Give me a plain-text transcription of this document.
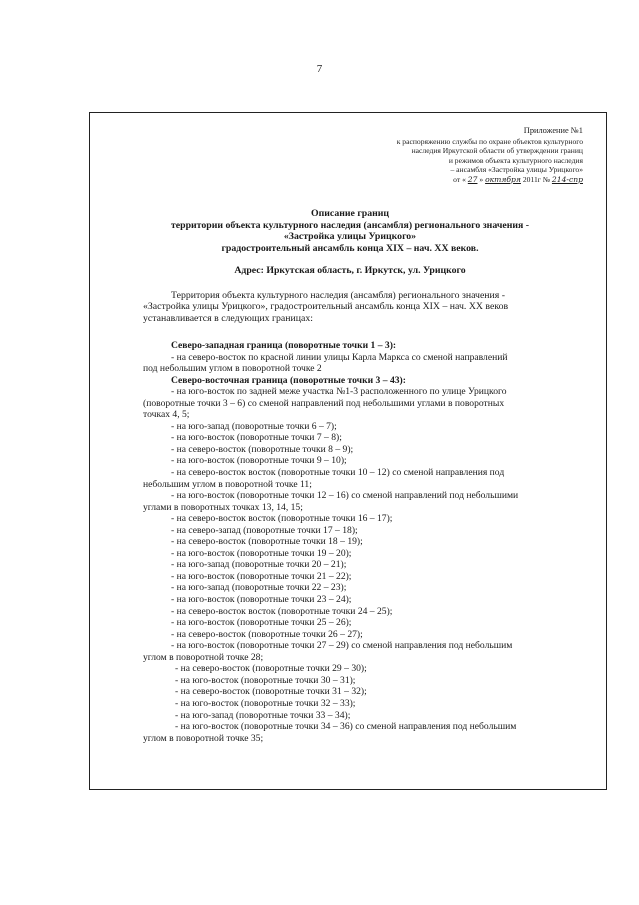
7
Приложение №1
к распоряжению службы по охране объектов культурного
наследия Иркутской области об утверждении границ
и режимов объекта культурного наследия
– ансамбля «Застройка улицы Урицкого»
от « 27 » октября 2011г № 214-спр
Описание границ
территории объекта культурного наследия (ансамбля) регионального значения -
«Застройка улицы Урицкого»
градостроительный ансамбль конца XIX – нач. XX веков.
Адрес: Иркутская область, г. Иркутск, ул. Урицкого

Территория объекта культурного наследия (ансамбля) регионального значения -

«Застройка улицы Урицкого», градостроительный ансамбль конца XIX – нач. XX веков
устанавливается в следующих границах:
Северо-западная граница (поворотные точки 1 – 3):
- на северо-восток по красной линии улицы Карла Маркса со сменой направлений
под небольшим углом в поворотной точке 2
Северо-восточная граница (поворотные точки 3 – 43):
- на юго-восток по задней меже участка №1-3 расположенного по улице Урицкого
(поворотные точки 3 – 6) со сменой направлений под небольшими углами в поворотных
точках 4, 5;
- на юго-запад (поворотные точки 6 – 7);
- на юго-восток (поворотные точки 7 – 8);
- на северо-восток (поворотные точки 8 – 9);
- на юго-восток (поворотные точки 9 – 10);
- на северо-восток восток (поворотные точки 10 – 12) со сменой направления под
небольшим углом в поворотной точке 11;
- на юго-восток (поворотные точки 12 – 16) со сменой направлений под небольшими
углами в поворотных точках 13, 14, 15;
- на северо-восток восток (поворотные точки 16 – 17);
- на северо-запад (поворотные точки 17 – 18);
- на северо-восток (поворотные точки 18 – 19);
- на юго-восток (поворотные точки 19 – 20);
- на юго-запад (поворотные точки 20 – 21);
- на юго-восток (поворотные точки 21 – 22);
- на юго-запад (поворотные точки 22 – 23);
- на юго-восток (поворотные точки 23 – 24);
- на северо-восток восток (поворотные точки 24 – 25);
- на юго-восток (поворотные точки 25 – 26);
- на северо-восток (поворотные точки 26 – 27);
- на юго-восток (поворотные точки 27 – 29) со сменой направления под небольшим
углом в поворотной точке 28;
- на северо-восток (поворотные точки 29 – 30);
- на юго-восток (поворотные точки 30 – 31);
- на северо-восток (поворотные точки 31 – 32);
- на юго-восток (поворотные точки 32 – 33);
- на юго-запад (поворотные точки 33 – 34);
- на юго-восток (поворотные точки 34 – 36) со сменой направления под небольшим
углом в поворотной точке 35;
